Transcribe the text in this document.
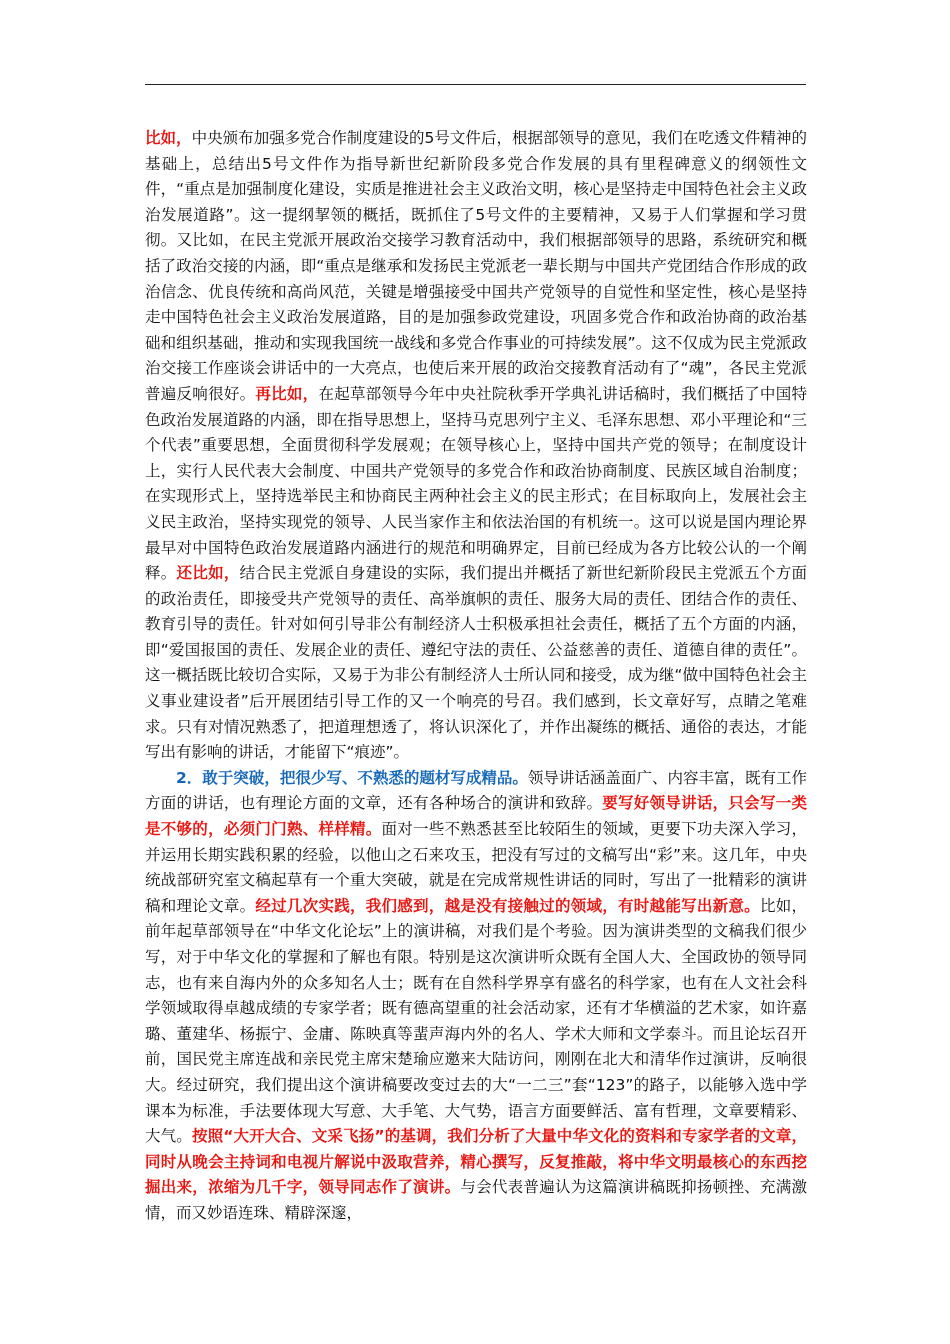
比如，中央颁布加强多党合作制度建设的5号文件后，根据部领导的意见，我们在吃透文件精神的基础上，总结出5号文件作为指导新世纪新阶段多党合作发展的具有里程碑意义的纲领性文件，“重点是加强制度化建设，实质是推进社会主义政治文明，核心是坚持走中国特色社会主义政治发展道路”。这一提纲挈领的概括，既抓住了5号文件的主要精神，又易于人们掌握和学习贯彻。又比如，在民主党派开展政治交接学习教育活动中，我们根据部领导的思路，系统研究和概括了政治交接的内涵，即“重点是继承和发扬民主党派老一辈长期与中国共产党团结合作形成的政治信念、优良传统和高尚风范，关键是增强接受中国共产党领导的自觉性和坚定性，核心是坚持走中国特色社会主义政治发展道路，目的是加强参政党建设，巩固多党合作和政治协商的政治基础和组织基础，推动和实现我国统一战线和多党合作事业的可持续发展”。这不仅成为民主党派政治交接工作座谈会讲话中的一大亮点，也使后来开展的政治交接教育活动有了“魂”，各民主党派普遍反响很好。再比如，在起草部领导今年中央社院秋季开学典礼讲话稿时，我们概括了中国特色政治发展道路的内涵，即在指导思想上，坚持马克思列宁主义、毛泽东思想、邓小平理论和“三个代表”重要思想，全面贯彻科学发展观；在领导核心上，坚持中国共产党的领导；在制度设计上，实行人民代表大会制度、中国共产党领导的多党合作和政治协商制度、民族区域自治制度；在实现形式上，坚持选举民主和协商民主两种社会主义的民主形式；在目标取向上，发展社会主义民主政治，坚持实现党的领导、人民当家作主和依法治国的有机统一。这可以说是国内理论界最早对中国特色政治发展道路内涵进行的规范和明确界定，目前已经成为各方比较公认的一个阐释。还比如，结合民主党派自身建设的实际，我们提出并概括了新世纪新阶段民主党派五个方面的政治责任，即接受共产党领导的责任、高举旗帜的责任、服务大局的责任、团结合作的责任、教育引导的责任。针对如何引导非公有制经济人士积极承担社会责任，概括了五个方面的内涵，即“爱国报国的责任、发展企业的责任、遵纪守法的责任、公益慈善的责任、道德自律的责任”。这一概括既比较切合实际，又易于为非公有制经济人士所认同和接受，成为继“做中国特色社会主义事业建设者”后开展团结引导工作的又一个响亮的号召。我们感到，长文章好写，点睛之笔难求。只有对情况熟悉了，把道理想透了，将认识深化了，并作出凝练的概括、通俗的表达，才能写出有影响的讲话，才能留下“痕迹”。

2．敢于突破，把很少写、不熟悉的题材写成精品。领导讲话涵盖面广、内容丰富，既有工作方面的讲话，也有理论方面的文章，还有各种场合的演讲和致辞。要写好领导讲话，只会写一类是不够的，必须门门熟、样样精。面对一些不熟悉甚至比较陌生的领域，更要下功夫深入学习，并运用长期实践积累的经验，以他山之石来攻玉，把没有写过的文稿写出“彩”来。这几年，中央统战部研究室文稿起草有一个重大突破，就是在完成常规性讲话的同时，写出了一批精彩的演讲稿和理论文章。经过几次实践，我们感到，越是没有接触过的领域，有时越能写出新意。比如，前年起草部领导在“中华文化论坛”上的演讲稿，对我们是个考验。因为演讲类型的文稿我们很少写，对于中华文化的掌握和了解也有限。特别是这次演讲听众既有全国人大、全国政协的领导同志，也有来自海内外的众多知名人士；既有在自然科学界享有盛名的科学家，也有在人文社会科学领域取得卓越成绩的专家学者；既有德高望重的社会活动家，还有才华横溢的艺术家，如许嘉璐、董建华、杨振宁、金庸、陈映真等蜚声海内外的名人、学术大师和文学泰斗。而且论坛召开前，国民党主席连战和亲民党主席宋楚瑜应邀来大陆访问，刚刚在北大和清华作过演讲，反响很大。经过研究，我们提出这个演讲稿要改变过去的大“一二三”套“123”的路子，以能够入选中学课本为标准，手法要体现大写意、大手笔、大气势，语言方面要鲜活、富有哲理，文章要精彩、大气。按照“大开大合、文采飞扬”的基调，我们分析了大量中华文化的资料和专家学者的文章，同时从晚会主持词和电视片解说中汲取营养，精心撰写，反复推敲，将中华文明最核心的东西挖掘出来，浓缩为几千字，领导同志作了演讲。与会代表普遍认为这篇演讲稿既抑扬顿挫、充满激情，而又妙语连珠、精辟深邃，
